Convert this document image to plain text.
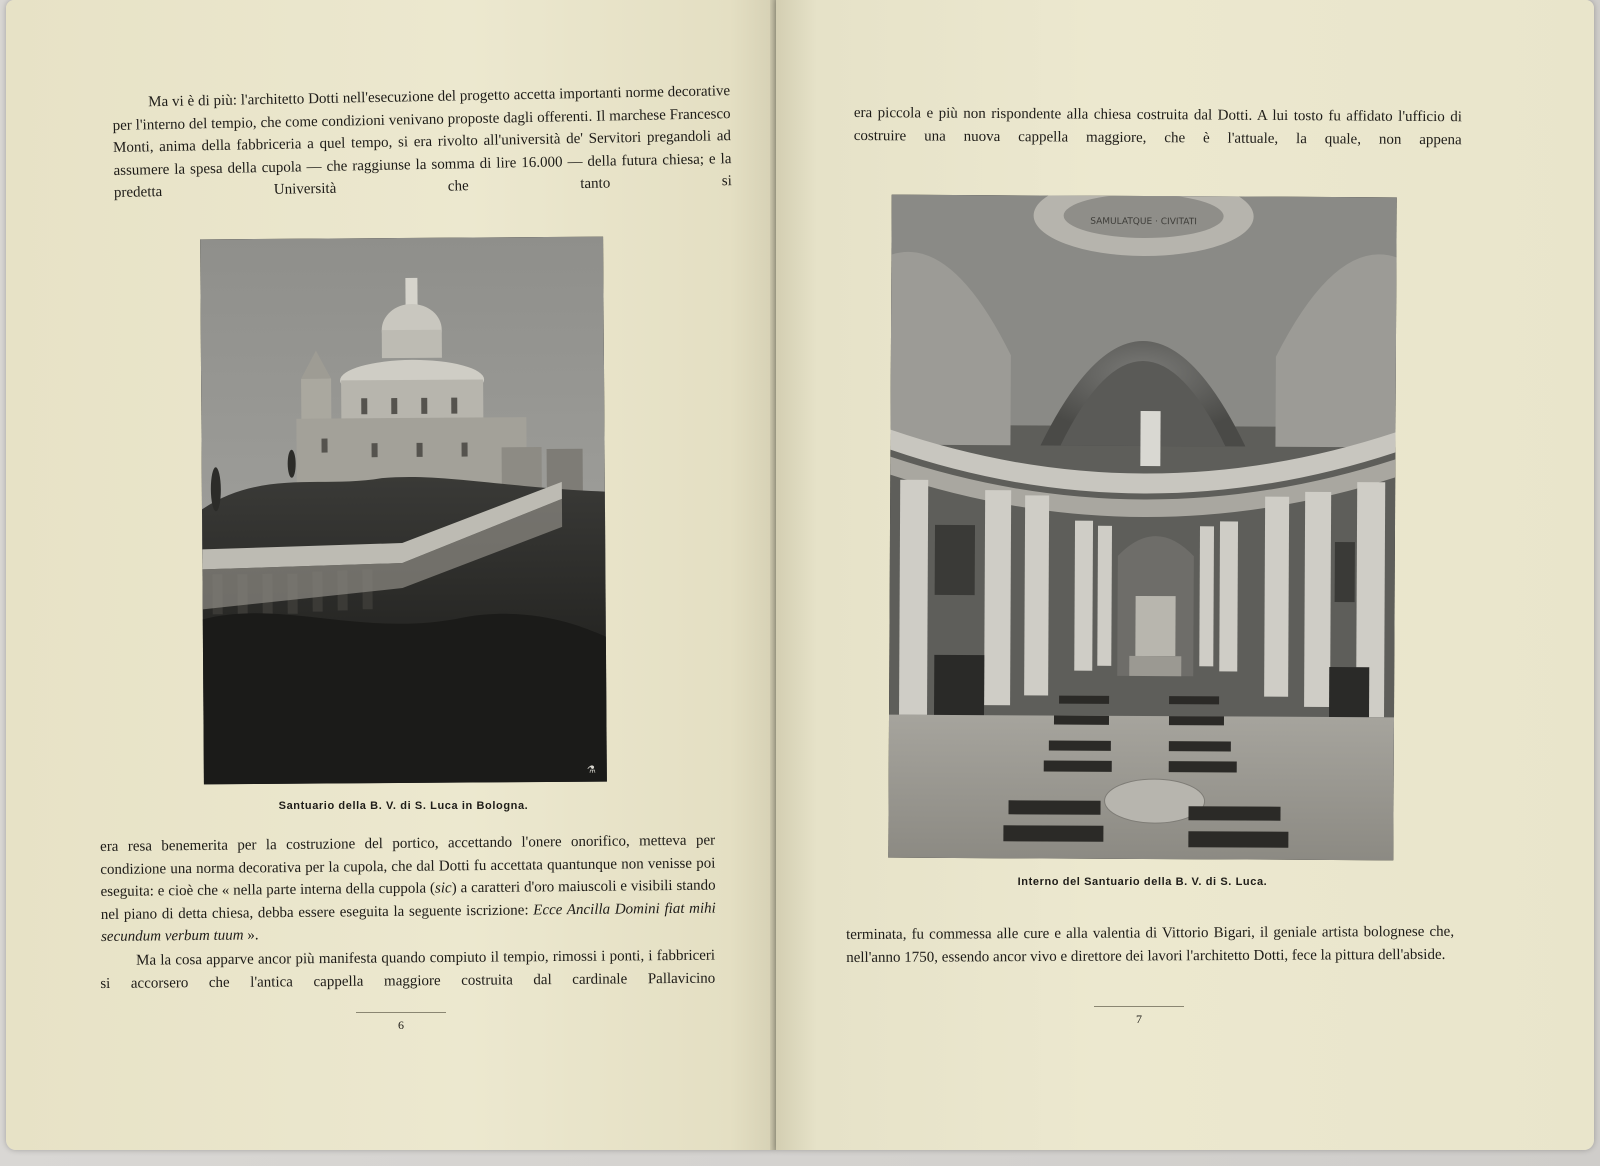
Ma vi è di più: l'architetto Dotti nell'esecuzione del progetto accetta importanti norme decorative per l'interno del tempio, che come condizioni venivano proposte dagli offerenti. Il marchese Francesco Monti, anima della fabbriceria a quel tempo, si era rivolto all'università de' Servitori pregandoli ad assumere la spesa della cupola — che raggiunse la somma di lire 16.000 — della futura chiesa; e la predetta Università che tanto si
⚗
Santuario della B. V. di S. Luca in Bologna.
era resa benemerita per la costruzione del portico, accettando l'onere onorifico, metteva per condizione una norma decorativa per la cupola, che dal Dotti fu accettata quantunque non venisse poi eseguita: e cioè che « nella parte interna della cuppola (sic) a caratteri d'oro maiuscoli e visibili stando nel piano di detta chiesa, debba essere eseguita la seguente iscrizione: Ecce Ancilla Domini fiat mihi secundum verbum tuum ».
Ma la cosa apparve ancor più manifesta quando compiuto il tempio, rimossi i ponti, i fabbriceri si accorsero che l'antica cappella maggiore costruita dal cardinale Pallavicino
6
era piccola e più non rispondente alla chiesa costruita dal Dotti. A lui tosto fu affidato l'ufficio di costruire una nuova cappella maggiore, che è l'attuale, la quale, non appena
SAMULATQUE · CIVITATI
Interno del Santuario della B. V. di S. Luca.
terminata, fu commessa alle cure e alla valentia di Vittorio Bigari, il geniale artista bolognese che, nell'anno 1750, essendo ancor vivo e direttore dei lavori l'architetto Dotti, fece la pittura dell'abside.
7
